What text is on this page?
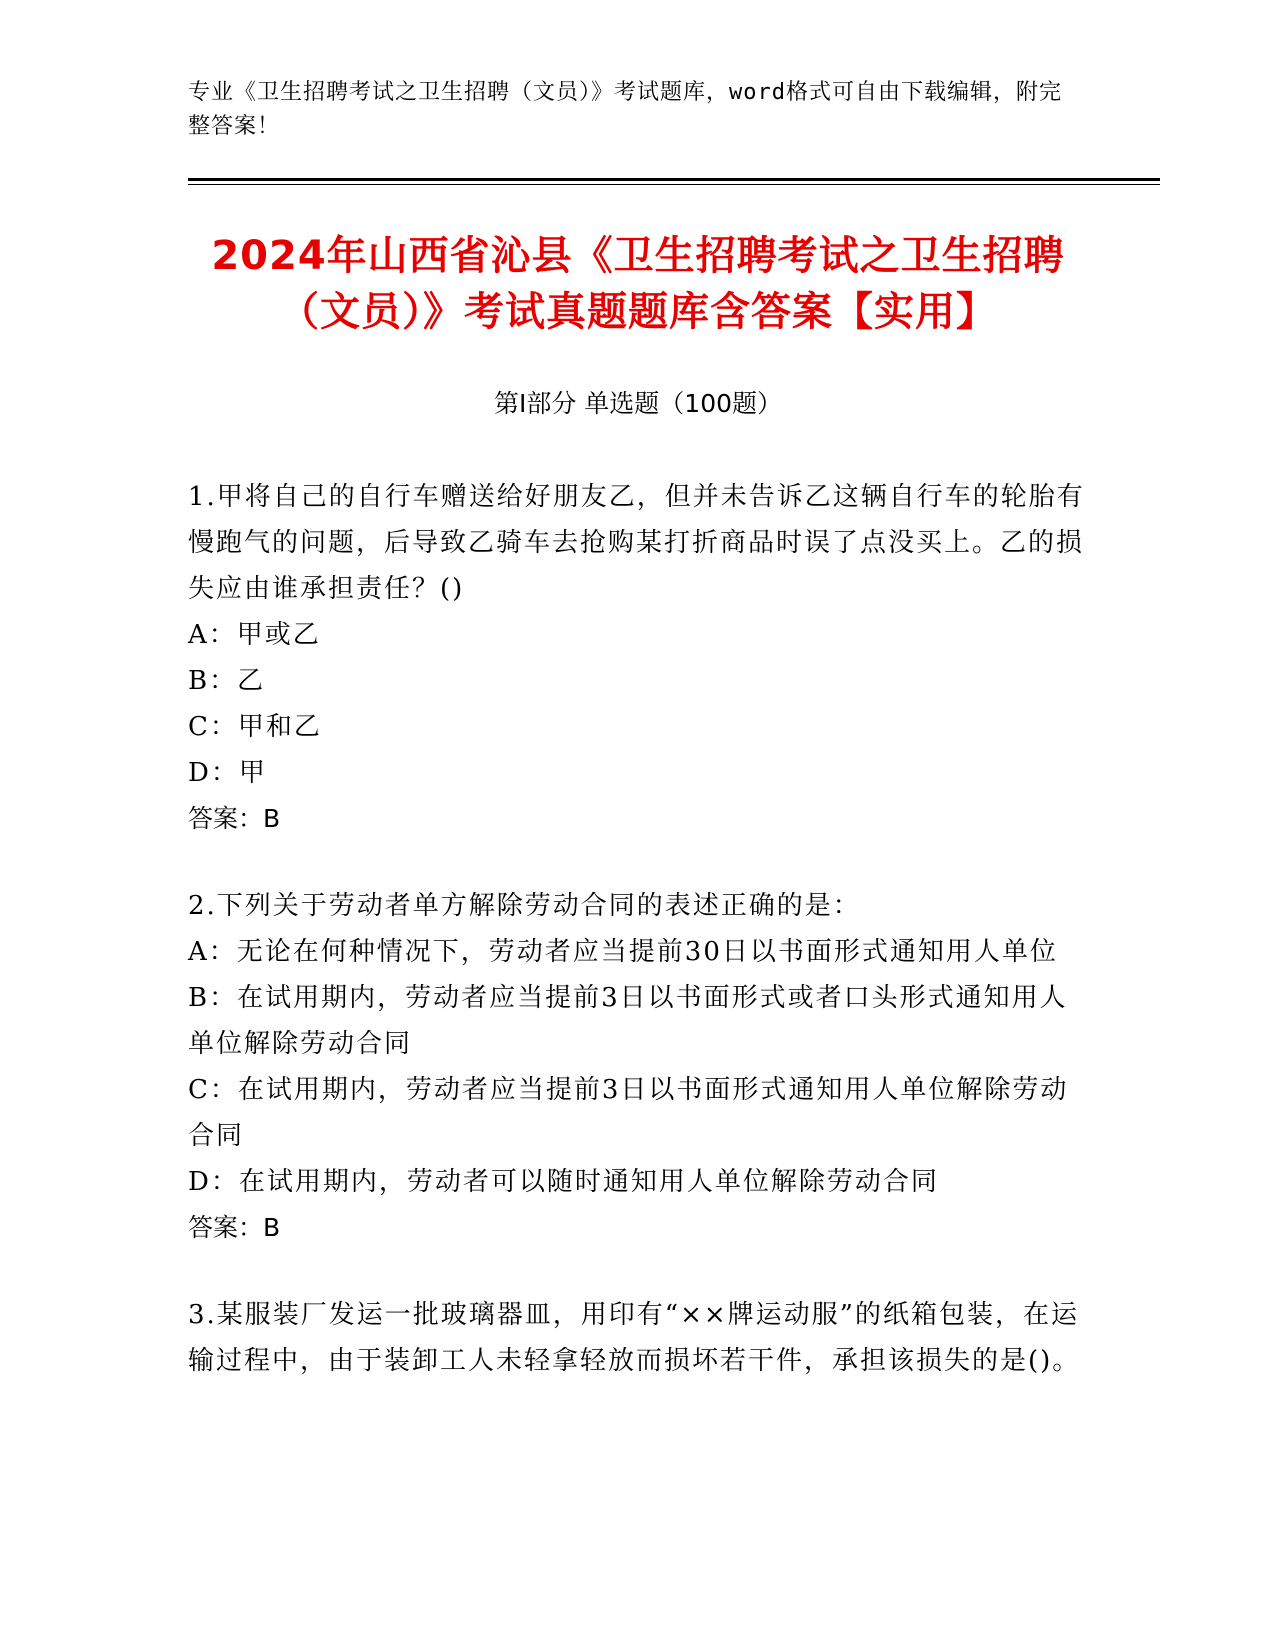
专业《卫生招聘考试之卫生招聘（文员）》考试题库，word格式可自由下载编辑，附完整答案！
2024年山西省沁县《卫生招聘考试之卫生招聘（文员）》考试真题题库含答案【实用】
第I部分 单选题（100题）

1.甲将自己的自行车赠送给好朋友乙，但并未告诉乙这辆自行车的轮胎有慢跑气的问题，后导致乙骑车去抢购某打折商品时误了点没买上。乙的损失应由谁承担责任？()

A：甲或乙

B：乙

C：甲和乙

D：甲

答案：B

2.下列关于劳动者单方解除劳动合同的表述正确的是：

A：无论在何种情况下，劳动者应当提前30日以书面形式通知用人单位

B：在试用期内，劳动者应当提前3日以书面形式或者口头形式通知用人单位解除劳动合同

C：在试用期内，劳动者应当提前3日以书面形式通知用人单位解除劳动合同

D：在试用期内，劳动者可以随时通知用人单位解除劳动合同

答案：B

3.某服装厂发运一批玻璃器皿，用印有“××牌运动服”的纸箱包装，在运输过程中，由于装卸工人未轻拿轻放而损坏若干件，承担该损失的是()。
